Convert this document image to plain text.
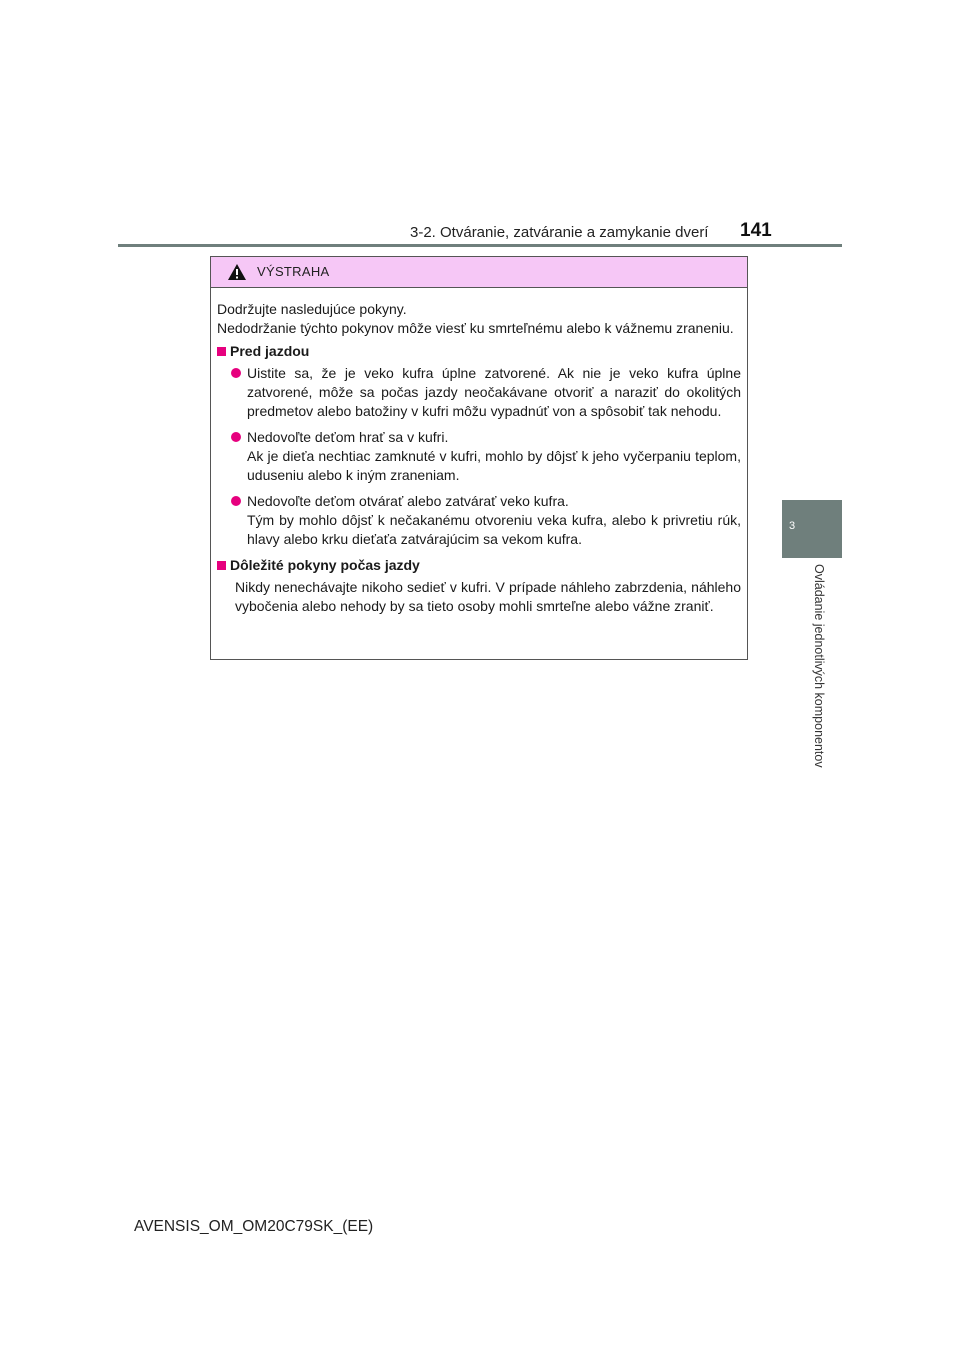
3-2. Otváranie, zatváranie a zamykanie dverí 141
3
Ovládanie jednotlivých komponentov
VÝSTRAHA

Dodržujte nasledujúce pokyny.

Nedodržanie týchto pokynov môže viesť ku smrteľnému alebo k vážnemu zraneniu.

Pred jazdou
Uistite sa, že je veko kufra úplne zatvorené. Ak nie je veko kufra úplne zatvorené, môže sa počas jazdy neočakávane otvoriť a naraziť do okolitých predmetov alebo batožiny v kufri môžu vypadnúť von a spôsobiť tak nehodu.
Nedovoľte deťom hrať sa v kufri.
Ak je dieťa nechtiac zamknuté v kufri, mohlo by dôjsť k jeho vyčerpaniu teplom, uduseniu alebo k iným zraneniam.
Nedovoľte deťom otvárať alebo zatvárať veko kufra.
Tým by mohlo dôjsť k nečakanému otvoreniu veka kufra, alebo k privretiu rúk, hlavy alebo krku dieťaťa zatvárajúcim sa vekom kufra.
Dôležité pokyny počas jazdy

Nikdy nenechávajte nikoho sedieť v kufri. V prípade náhleho zabrzdenia, náhleho vybočenia alebo nehody by sa tieto osoby mohli smrteľne alebo vážne zraniť.

AVENSIS_OM_OM20C79SK_(EE)
